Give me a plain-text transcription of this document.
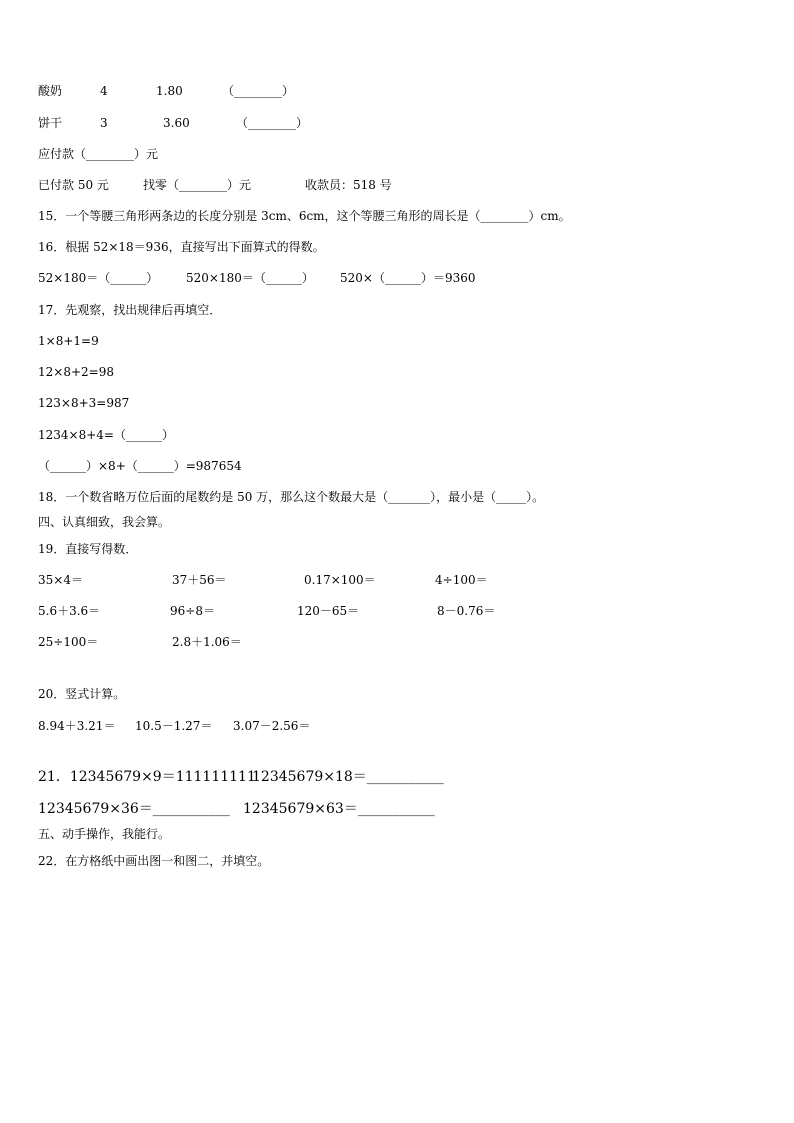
酸奶	4	1.80	（________）
饼干	3	3.60	（________）
应付款（________）元
已付款 50 元	找零（________）元	收款员：518 号
15．一个等腰三角形两条边的长度分别是 3cm、6cm，这个等腰三角形的周长是（________）cm。
16．根据 52×18＝936，直接写出下面算式的得数。
52×180＝（______） 520×180＝（______） 520×（______）＝9360
17．先观察，找出规律后再填空．
1×8+1=9
12×8+2=98
123×8+3=987
1234×8+4=（______）
（______）×8+（______）=987654
18．一个数省略万位后面的尾数约是 50 万，那么这个数最大是（_______），最小是（_____）。
四、认真细致，我会算。
19．直接写得数．
35×4＝	37＋56＝	0.17×100＝	4÷100＝
5.6＋3.6＝	96÷8＝	120－65＝	8－0.76＝
25÷100＝	2.8＋1.06＝
20．竖式计算。
8.94＋3.21＝ 10.5－1.27＝ 3.07－2.56＝
21．12345679×9＝111111111
12345679×18＝___________
12345679×36＝___________ 12345679×63＝___________
五、动手操作，我能行。
22．在方格纸中画出图一和图二，并填空。
